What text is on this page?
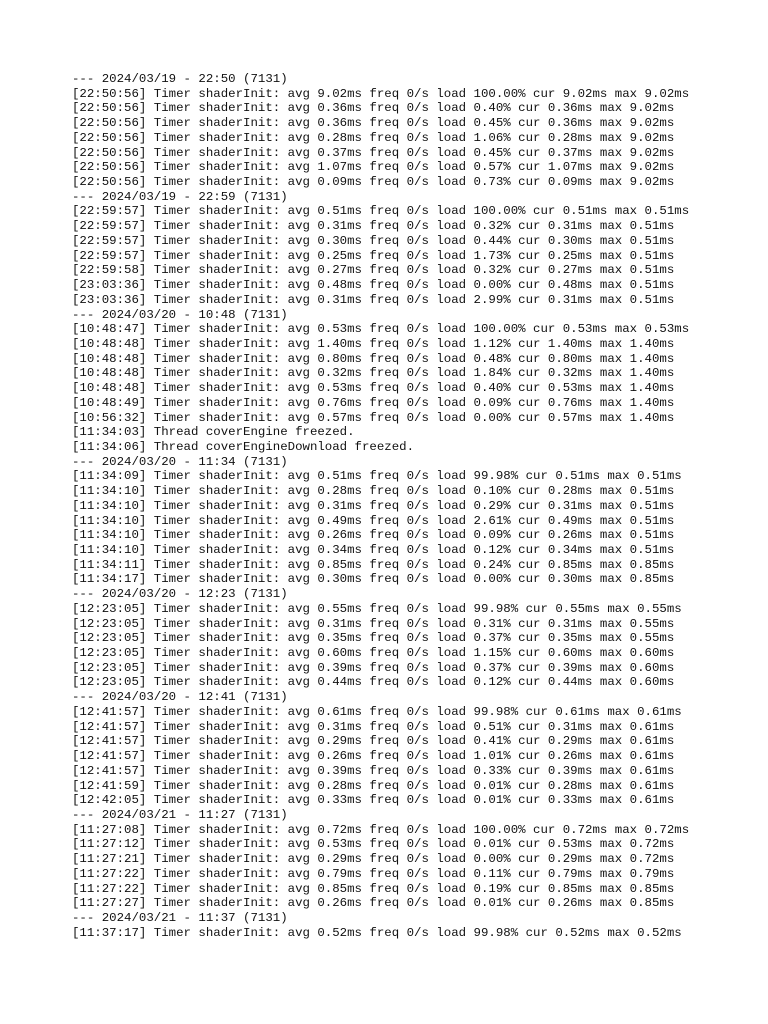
--- 2024/03/19 - 22:50 (7131)
[22:50:56] Timer shaderInit: avg 9.02ms freq 0/s load 100.00% cur 9.02ms max 9.02ms
[22:50:56] Timer shaderInit: avg 0.36ms freq 0/s load 0.40% cur 0.36ms max 9.02ms
[22:50:56] Timer shaderInit: avg 0.36ms freq 0/s load 0.45% cur 0.36ms max 9.02ms
[22:50:56] Timer shaderInit: avg 0.28ms freq 0/s load 1.06% cur 0.28ms max 9.02ms
[22:50:56] Timer shaderInit: avg 0.37ms freq 0/s load 0.45% cur 0.37ms max 9.02ms
[22:50:56] Timer shaderInit: avg 1.07ms freq 0/s load 0.57% cur 1.07ms max 9.02ms
[22:50:56] Timer shaderInit: avg 0.09ms freq 0/s load 0.73% cur 0.09ms max 9.02ms
--- 2024/03/19 - 22:59 (7131)
[22:59:57] Timer shaderInit: avg 0.51ms freq 0/s load 100.00% cur 0.51ms max 0.51ms
[22:59:57] Timer shaderInit: avg 0.31ms freq 0/s load 0.32% cur 0.31ms max 0.51ms
[22:59:57] Timer shaderInit: avg 0.30ms freq 0/s load 0.44% cur 0.30ms max 0.51ms
[22:59:57] Timer shaderInit: avg 0.25ms freq 0/s load 1.73% cur 0.25ms max 0.51ms
[22:59:58] Timer shaderInit: avg 0.27ms freq 0/s load 0.32% cur 0.27ms max 0.51ms
[23:03:36] Timer shaderInit: avg 0.48ms freq 0/s load 0.00% cur 0.48ms max 0.51ms
[23:03:36] Timer shaderInit: avg 0.31ms freq 0/s load 2.99% cur 0.31ms max 0.51ms
--- 2024/03/20 - 10:48 (7131)
[10:48:47] Timer shaderInit: avg 0.53ms freq 0/s load 100.00% cur 0.53ms max 0.53ms
[10:48:48] Timer shaderInit: avg 1.40ms freq 0/s load 1.12% cur 1.40ms max 1.40ms
[10:48:48] Timer shaderInit: avg 0.80ms freq 0/s load 0.48% cur 0.80ms max 1.40ms
[10:48:48] Timer shaderInit: avg 0.32ms freq 0/s load 1.84% cur 0.32ms max 1.40ms
[10:48:48] Timer shaderInit: avg 0.53ms freq 0/s load 0.40% cur 0.53ms max 1.40ms
[10:48:49] Timer shaderInit: avg 0.76ms freq 0/s load 0.09% cur 0.76ms max 1.40ms
[10:56:32] Timer shaderInit: avg 0.57ms freq 0/s load 0.00% cur 0.57ms max 1.40ms
[11:34:03] Thread coverEngine freezed.
[11:34:06] Thread coverEngineDownload freezed.
--- 2024/03/20 - 11:34 (7131)
[11:34:09] Timer shaderInit: avg 0.51ms freq 0/s load 99.98% cur 0.51ms max 0.51ms
[11:34:10] Timer shaderInit: avg 0.28ms freq 0/s load 0.10% cur 0.28ms max 0.51ms
[11:34:10] Timer shaderInit: avg 0.31ms freq 0/s load 0.29% cur 0.31ms max 0.51ms
[11:34:10] Timer shaderInit: avg 0.49ms freq 0/s load 2.61% cur 0.49ms max 0.51ms
[11:34:10] Timer shaderInit: avg 0.26ms freq 0/s load 0.09% cur 0.26ms max 0.51ms
[11:34:10] Timer shaderInit: avg 0.34ms freq 0/s load 0.12% cur 0.34ms max 0.51ms
[11:34:11] Timer shaderInit: avg 0.85ms freq 0/s load 0.24% cur 0.85ms max 0.85ms
[11:34:17] Timer shaderInit: avg 0.30ms freq 0/s load 0.00% cur 0.30ms max 0.85ms
--- 2024/03/20 - 12:23 (7131)
[12:23:05] Timer shaderInit: avg 0.55ms freq 0/s load 99.98% cur 0.55ms max 0.55ms
[12:23:05] Timer shaderInit: avg 0.31ms freq 0/s load 0.31% cur 0.31ms max 0.55ms
[12:23:05] Timer shaderInit: avg 0.35ms freq 0/s load 0.37% cur 0.35ms max 0.55ms
[12:23:05] Timer shaderInit: avg 0.60ms freq 0/s load 1.15% cur 0.60ms max 0.60ms
[12:23:05] Timer shaderInit: avg 0.39ms freq 0/s load 0.37% cur 0.39ms max 0.60ms
[12:23:05] Timer shaderInit: avg 0.44ms freq 0/s load 0.12% cur 0.44ms max 0.60ms
--- 2024/03/20 - 12:41 (7131)
[12:41:57] Timer shaderInit: avg 0.61ms freq 0/s load 99.98% cur 0.61ms max 0.61ms
[12:41:57] Timer shaderInit: avg 0.31ms freq 0/s load 0.51% cur 0.31ms max 0.61ms
[12:41:57] Timer shaderInit: avg 0.29ms freq 0/s load 0.41% cur 0.29ms max 0.61ms
[12:41:57] Timer shaderInit: avg 0.26ms freq 0/s load 1.01% cur 0.26ms max 0.61ms
[12:41:57] Timer shaderInit: avg 0.39ms freq 0/s load 0.33% cur 0.39ms max 0.61ms
[12:41:59] Timer shaderInit: avg 0.28ms freq 0/s load 0.01% cur 0.28ms max 0.61ms
[12:42:05] Timer shaderInit: avg 0.33ms freq 0/s load 0.01% cur 0.33ms max 0.61ms
--- 2024/03/21 - 11:27 (7131)
[11:27:08] Timer shaderInit: avg 0.72ms freq 0/s load 100.00% cur 0.72ms max 0.72ms
[11:27:12] Timer shaderInit: avg 0.53ms freq 0/s load 0.01% cur 0.53ms max 0.72ms
[11:27:21] Timer shaderInit: avg 0.29ms freq 0/s load 0.00% cur 0.29ms max 0.72ms
[11:27:22] Timer shaderInit: avg 0.79ms freq 0/s load 0.11% cur 0.79ms max 0.79ms
[11:27:22] Timer shaderInit: avg 0.85ms freq 0/s load 0.19% cur 0.85ms max 0.85ms
[11:27:27] Timer shaderInit: avg 0.26ms freq 0/s load 0.01% cur 0.26ms max 0.85ms
--- 2024/03/21 - 11:37 (7131)
[11:37:17] Timer shaderInit: avg 0.52ms freq 0/s load 99.98% cur 0.52ms max 0.52ms
